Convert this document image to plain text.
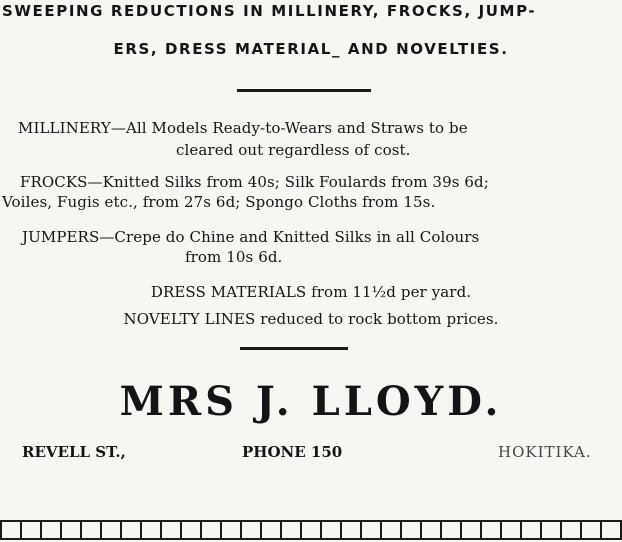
SWEEPING REDUCTIONS IN MILLINERY, FROCKS, JUMP-
ERS, DRESS MATERIAL_ AND NOVELTIES.
MILLINERY—All Models Ready-to-Wears and Straws to be
cleared out regardless of cost.
FROCKS—Knitted Silks from 40s; Silk Foulards from 39s 6d;
Voiles, Fugis etc., from 27s 6d; Spongo Cloths from 15s.
JUMPERS—Crepe do Chine and Knitted Silks in all Colours
from 10s 6d.
DRESS MATERIALS from 11½d per yard.
NOVELTY LINES reduced to rock bottom prices.
MRS J. LLOYD.
REVELL ST.,	PHONE 150	HOKITIKA.
